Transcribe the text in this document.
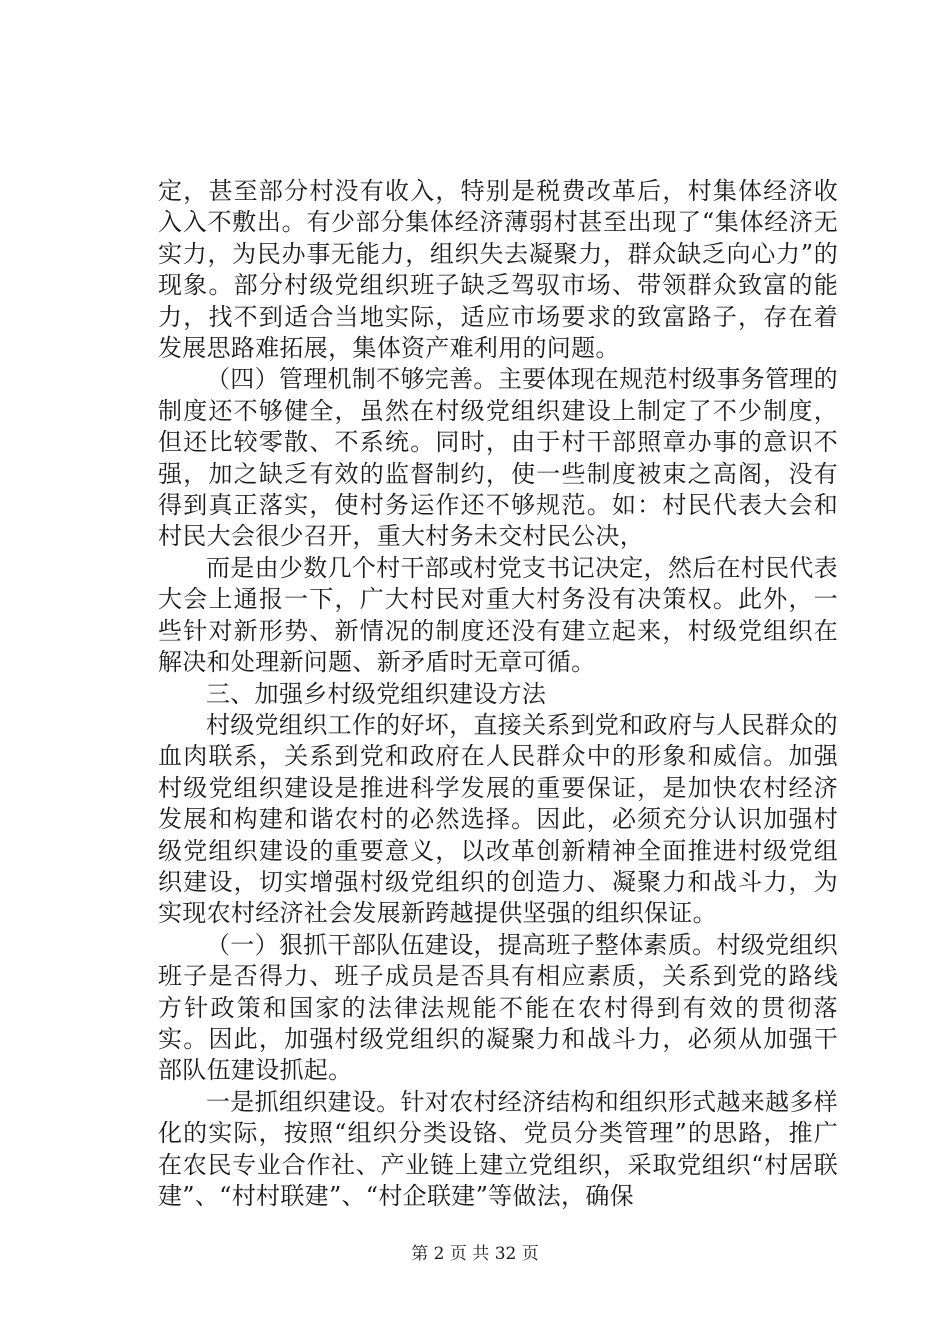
定，甚至部分村没有收入，特别是税费改革后，村集体经济收入入不敷出。有少部分集体经济薄弱村甚至出现了“集体经济无实力，为民办事无能力，组织失去凝聚力，群众缺乏向心力”的现象。部分村级党组织班子缺乏驾驭市场、带领群众致富的能力，找不到适合当地实际，适应市场要求的致富路子，存在着发展思路难拓展，集体资产难利用的问题。

（四）管理机制不够完善。主要体现在规范村级事务管理的制度还不够健全，虽然在村级党组织建设上制定了不少制度，但还比较零散、不系统。同时，由于村干部照章办事的意识不强，加之缺乏有效的监督制约，使一些制度被束之高阁，没有得到真正落实，使村务运作还不够规范。如：村民代表大会和村民大会很少召开，重大村务未交村民公决，

而是由少数几个村干部或村党支书记决定，然后在村民代表大会上通报一下，广大村民对重大村务没有决策权。此外，一些针对新形势、新情况的制度还没有建立起来，村级党组织在解决和处理新问题、新矛盾时无章可循。

三、加强乡村级党组织建设方法

村级党组织工作的好坏，直接关系到党和政府与人民群众的血肉联系，关系到党和政府在人民群众中的形象和威信。加强村级党组织建设是推进科学发展的重要保证，是加快农村经济发展和构建和谐农村的必然选择。因此，必须充分认识加强村级党组织建设的重要意义，以改革创新精神全面推进村级党组织建设，切实增强村级党组织的创造力、凝聚力和战斗力，为实现农村经济社会发展新跨越提供坚强的组织保证。

（一）狠抓干部队伍建设，提高班子整体素质。村级党组织班子是否得力、班子成员是否具有相应素质，关系到党的路线方针政策和国家的法律法规能不能在农村得到有效的贯彻落实。因此，加强村级党组织的凝聚力和战斗力，必须从加强干部队伍建设抓起。

一是抓组织建设。针对农村经济结构和组织形式越来越多样化的实际，按照“组织分类设铬、党员分类管理”的思路，推广在农民专业合作社、产业链上建立党组织，采取党组织“村居联建”、“村村联建”、“村企联建”等做法，确保

第 2 页 共 32 页
